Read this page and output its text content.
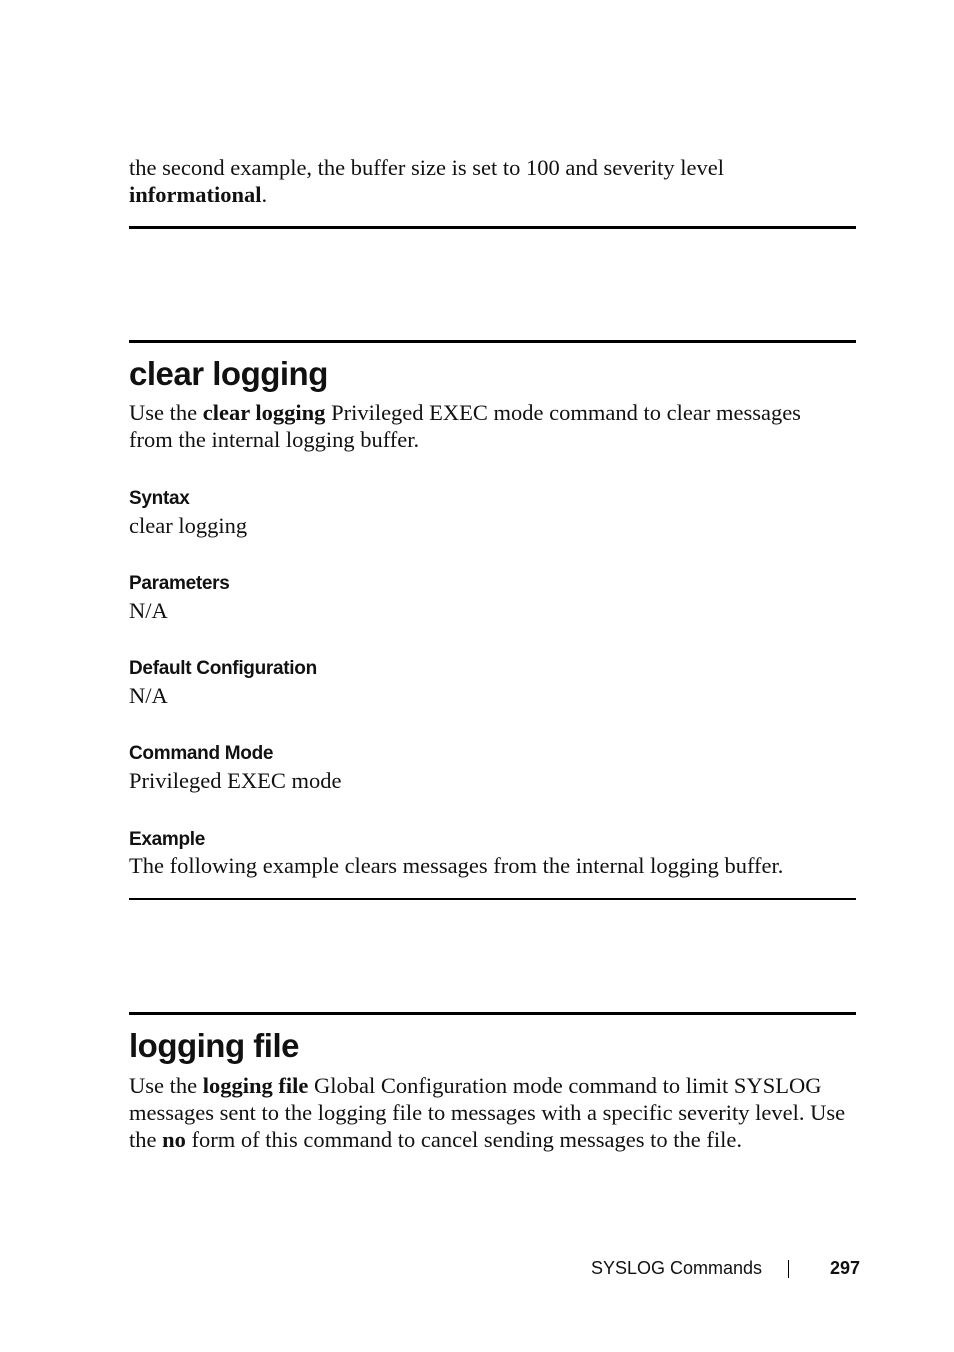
the second example, the buffer size is set to 100 and severity level
informational.
clear logging
Use the clear logging Privileged EXEC mode command to clear messages
from the internal logging buffer.
Syntax
clear logging
Parameters
N/A
Default Configuration
N/A
Command Mode
Privileged EXEC mode
Example
The following example clears messages from the internal logging buffer.
logging file
Use the logging file Global Configuration mode command to limit SYSLOG
messages sent to the logging file to messages with a specific severity level. Use
the no form of this command to cancel sending messages to the file.
SYSLOG Commands	297
